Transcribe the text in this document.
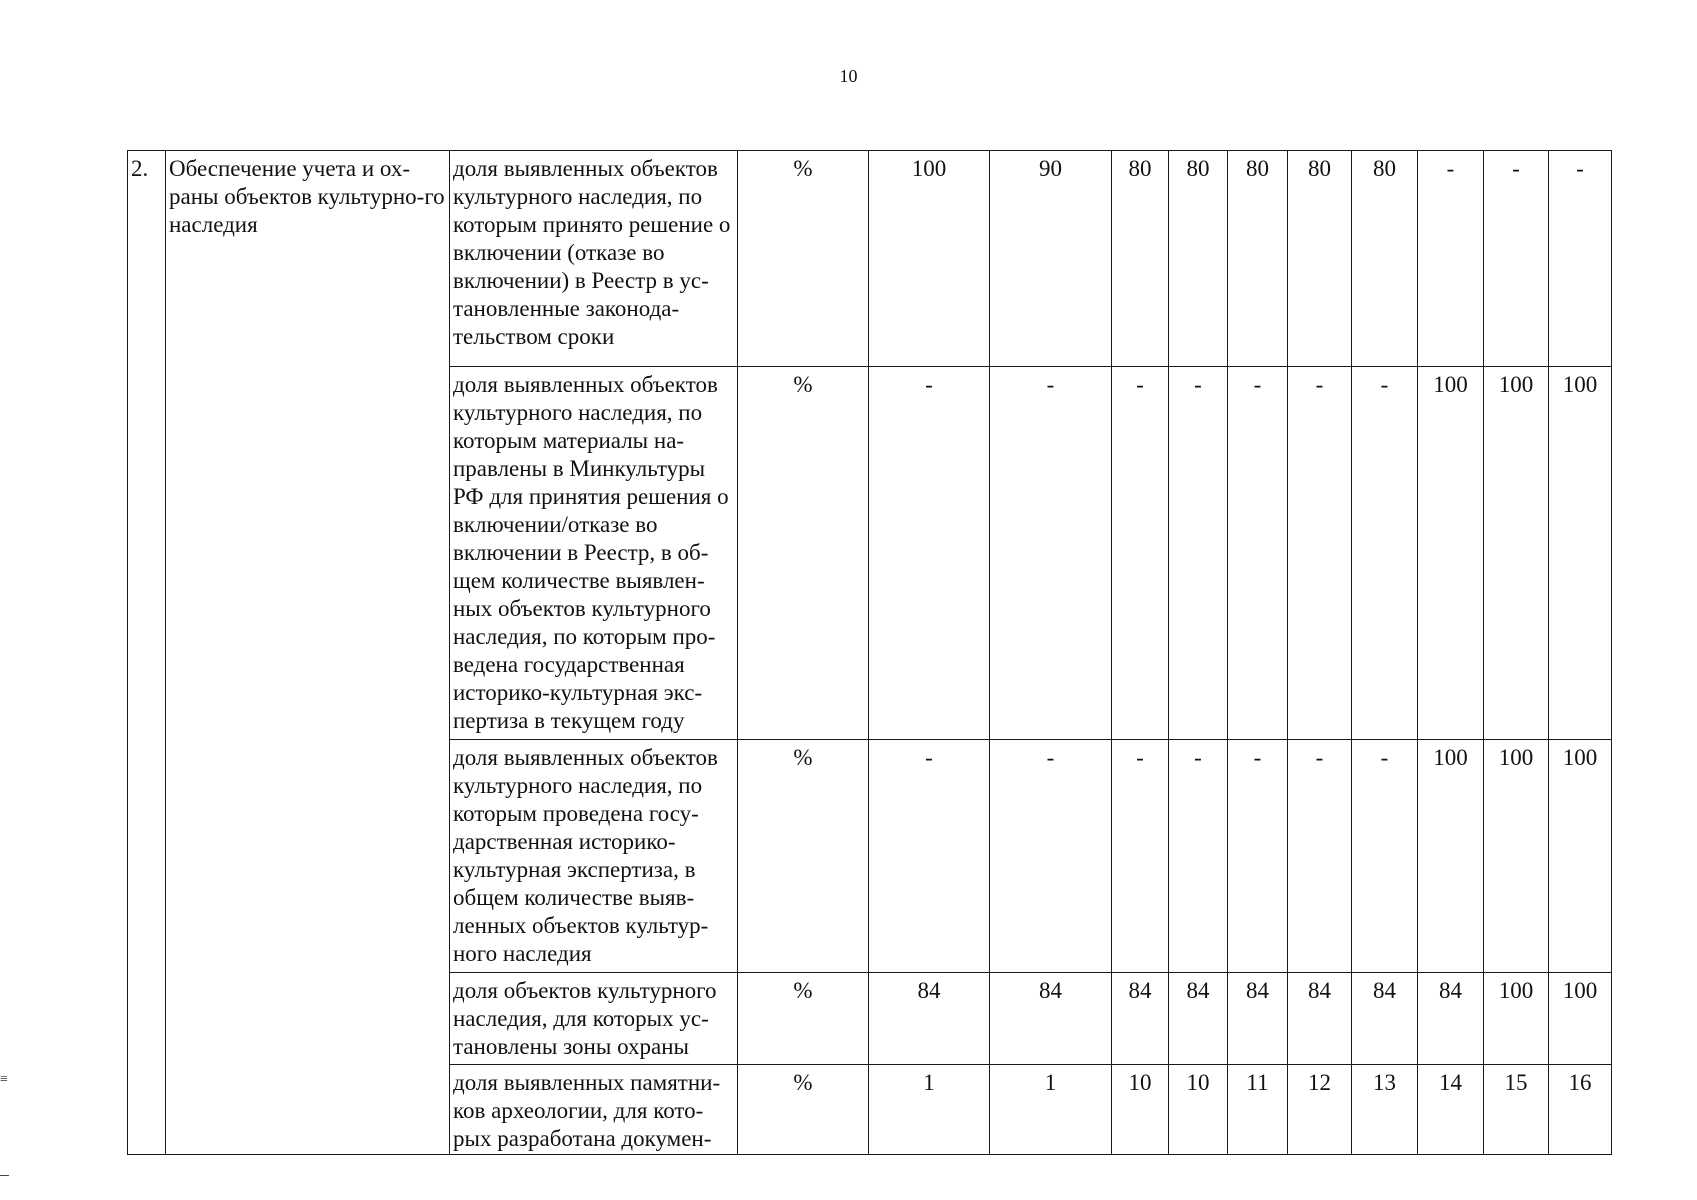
10
2.	Обеспечение учета и ох-раны объектов культурно-го наследия	доля выявленных объектов культурного наследия, по которым принято решение о включении (отказе во включении) в Реестр в ус-тановленные законода-тельством сроки	%	100	90	80	80	80	80	80	-	-	-
		доля выявленных объектов культурного наследия, по которым материалы на-правлены в Минкультуры РФ для принятия решения о включении/отказе во включении в Реестр, в об-щем количестве выявлен-ных объектов культурного наследия, по которым про-ведена государственная историко-культурная экс-пертиза в текущем году	%	-	-	-	-	-	-	-	100	100	100
		доля выявленных объектов культурного наследия, по которым проведена госу-дарственная историко-культурная экспертиза, в общем количестве выяв-ленных объектов культур-ного наследия	%	-	-	-	-	-	-	-	100	100	100
		доля объектов культурного наследия, для которых ус-тановлены зоны охраны	%	84	84	84	84	84	84	84	84	100	100
		доля выявленных памятни-ков археологии, для кото-рых разработана докумен-	%	1	1	10	10	11	12	13	14	15	16
≡
